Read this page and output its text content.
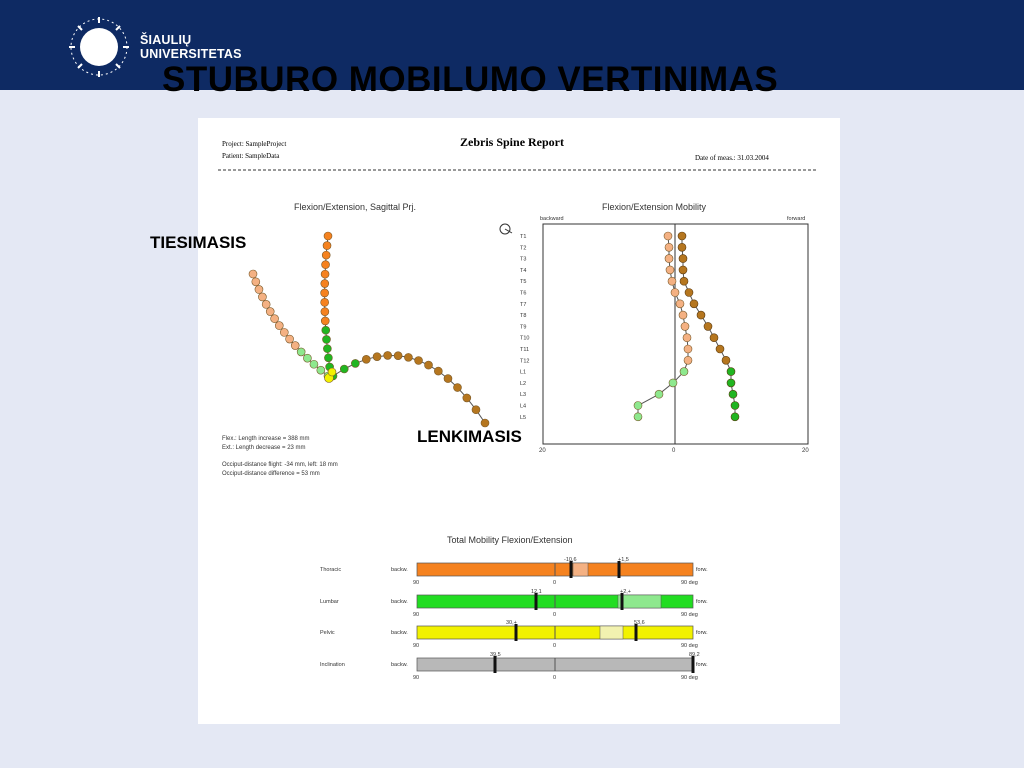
ŠIAULIŲ
UNIVERSITETAS
STUBURO MOBILUMO VERTINIMAS
Project: SampleProject
Patient: SampleData
Zebris Spine Report
Date of meas.: 31.03.2004
Flexion/Extension, Sagittal Prj.
Flex.: Length increase = 388 mm
Ext.: Length decrease = 23 mm
Occiput-distance flight: -34 mm, left: 18 mm
Occiput-distance difference = 53 mm
Flexion/Extension Mobility
backward	forward
T1
T2
T3
T4
T5
T6
T7
T8
T9
T10
T11
T12
L1
L2
L3
L4
L5
20	0	20
Total Mobility Flexion/Extension
Thoracic	backw.	forw.
-10,6	+1,5
90	0	90 deg
Lumbar	backw.	forw.
12,1	+2,+
90	0	90 deg
Pelvic	backw.	forw.
30,+	53,6
90	0	90 deg
Inclination	backw.	forw.
39,5	89,2
90	0	90 deg
TIESIMASIS
LENKIMASIS
